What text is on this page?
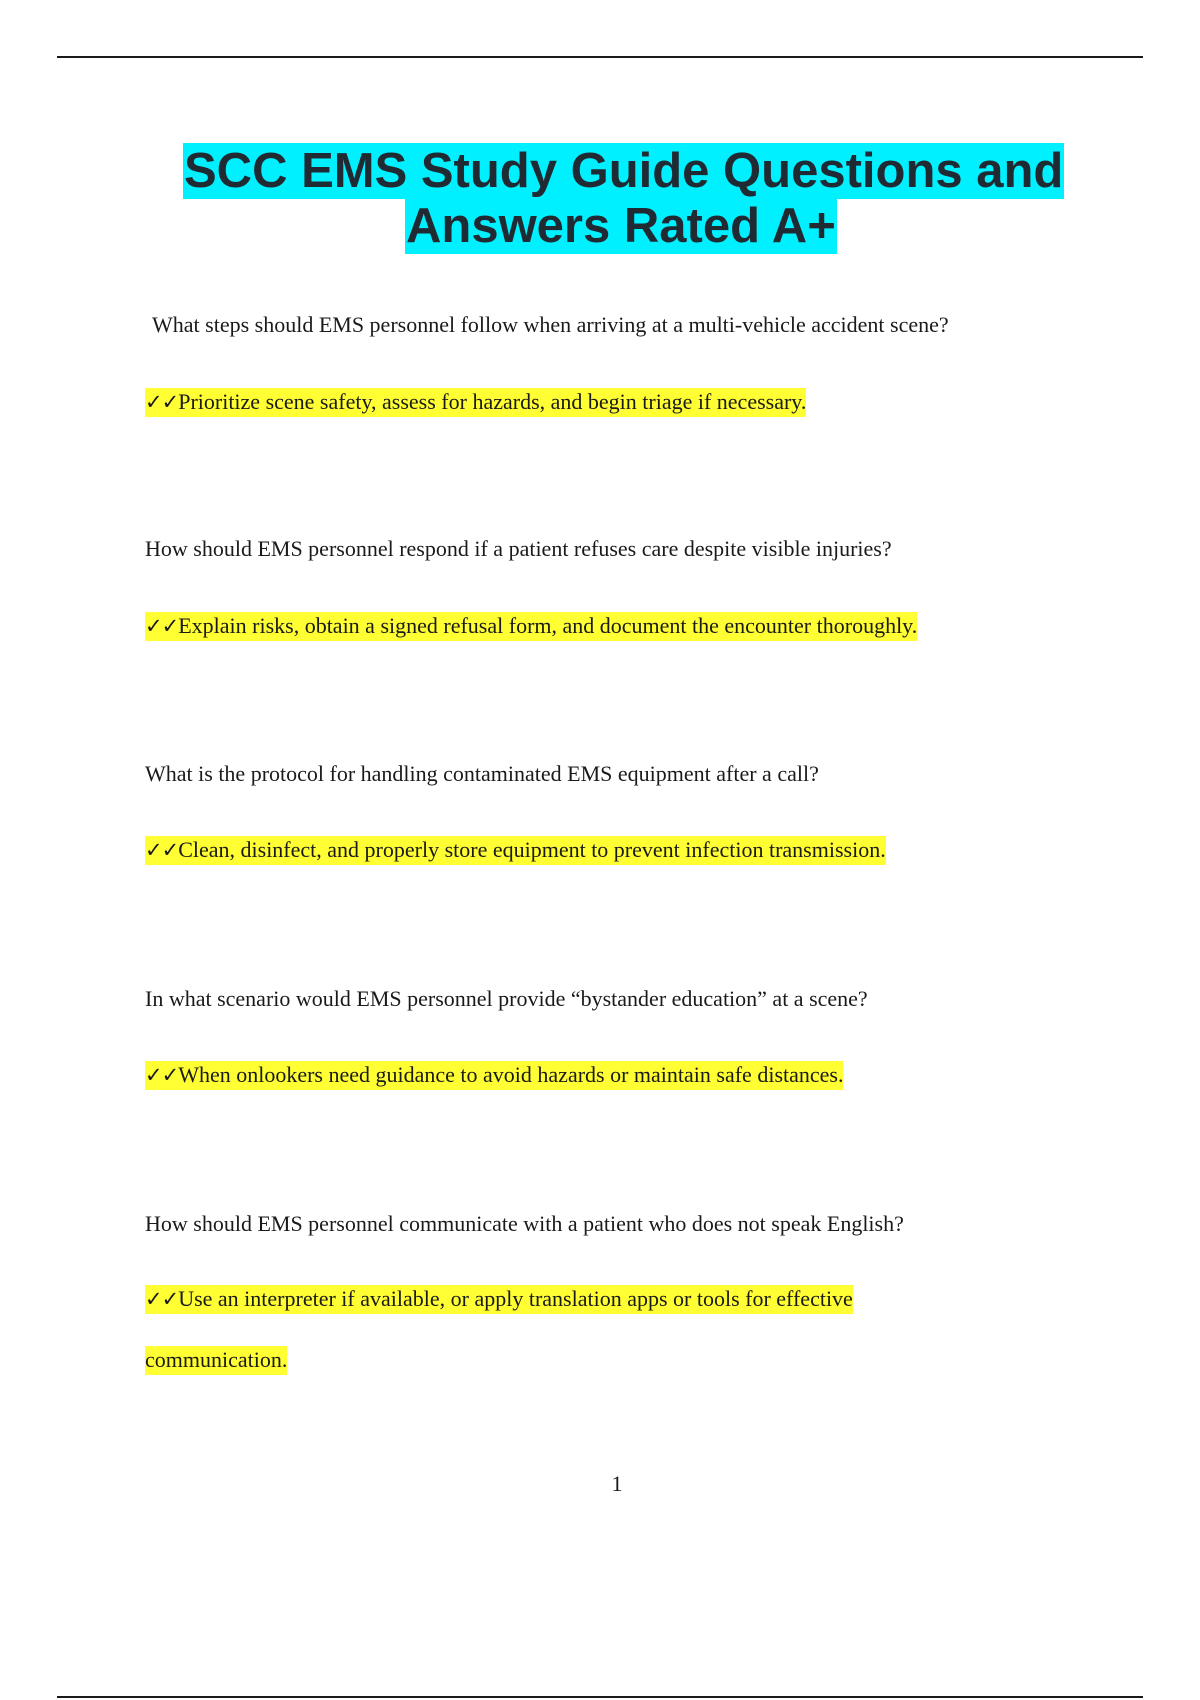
SCC EMS Study Guide Questions and
Answers Rated A+
What steps should EMS personnel follow when arriving at a multi-vehicle accident scene?
✓✓Prioritize scene safety, assess for hazards, and begin triage if necessary.
How should EMS personnel respond if a patient refuses care despite visible injuries?
✓✓Explain risks, obtain a signed refusal form, and document the encounter thoroughly.
What is the protocol for handling contaminated EMS equipment after a call?
✓✓Clean, disinfect, and properly store equipment to prevent infection transmission.
In what scenario would EMS personnel provide “bystander education” at a scene?
✓✓When onlookers need guidance to avoid hazards or maintain safe distances.
How should EMS personnel communicate with a patient who does not speak English?
✓✓Use an interpreter if available, or apply translation apps or tools for effective
communication.
1
